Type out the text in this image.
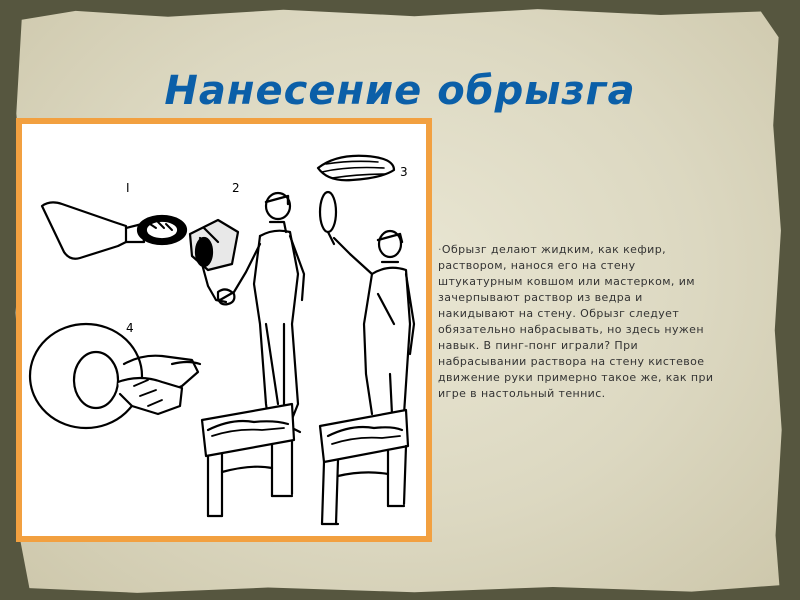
Нанесение обрызга
I	2
3
4
·Обрызг делают жидким, как кефир,
раствором, нанося его на стену
штукатурным ковшом или мастерком, им
зачерпывают раствор из ведра и
накидывают на стену. Обрызг следует
обязательно набрасывать, но здесь нужен
навык. В пинг-понг играли? При
набрасывании раствора на стену кистевое
движение руки примерно такое же, как при
игре в настольный теннис.
